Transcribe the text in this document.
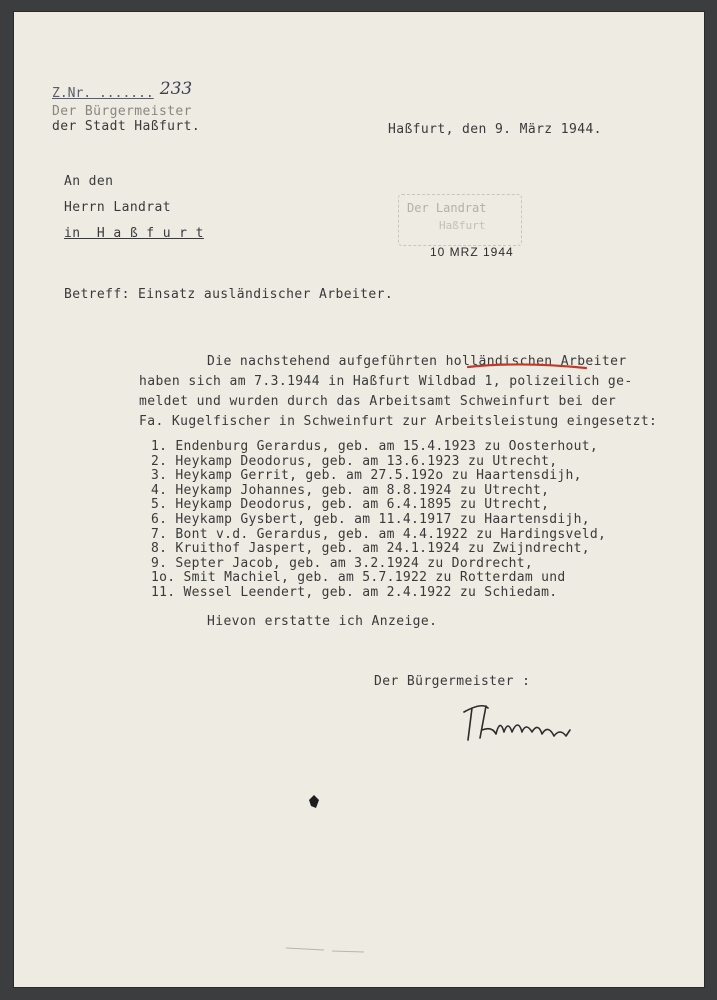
Z.Nr. ....... 233
Der Bürgermeister
der Stadt Haßfurt.	Haßfurt, den 9. März 1944.
An den
Herrn Landrat
in  H a ß f u r t
Der Landrat
Haßfurt
10 MRZ 1944
Betreff: Einsatz ausländischer Arbeiter.
Die nachstehend aufgeführten holländischen Arbeiter
haben sich am 7.3.1944 in Haßfurt Wildbad 1, polizeilich ge-
meldet und wurden durch das Arbeitsamt Schweinfurt bei der
Fa. Kugelfischer in Schweinfurt zur Arbeitsleistung eingesetzt:
1. Endenburg Gerardus, geb. am 15.4.1923 zu Oosterhout,
2. Heykamp Deodorus, geb. am 13.6.1923 zu Utrecht,
3. Heykamp Gerrit, geb. am 27.5.192o zu Haartensdijh,
4. Heykamp Johannes, geb. am 8.8.1924 zu Utrecht,
5. Heykamp Deodorus, geb. am 6.4.1895 zu Utrecht,
6. Heykamp Gysbert, geb. am 11.4.1917 zu Haartensdijh,
7. Bont v.d. Gerardus, geb. am 4.4.1922 zu Hardingsveld,
8. Kruithof Jaspert, geb. am 24.1.1924 zu Zwijndrecht,
9. Septer Jacob, geb. am 3.2.1924 zu Dordrecht,
1o. Smit Machiel, geb. am 5.7.1922 zu Rotterdam und
11. Wessel Leendert, geb. am 2.4.1922 zu Schiedam.
Hievon erstatte ich Anzeige.
Der Bürgermeister :
